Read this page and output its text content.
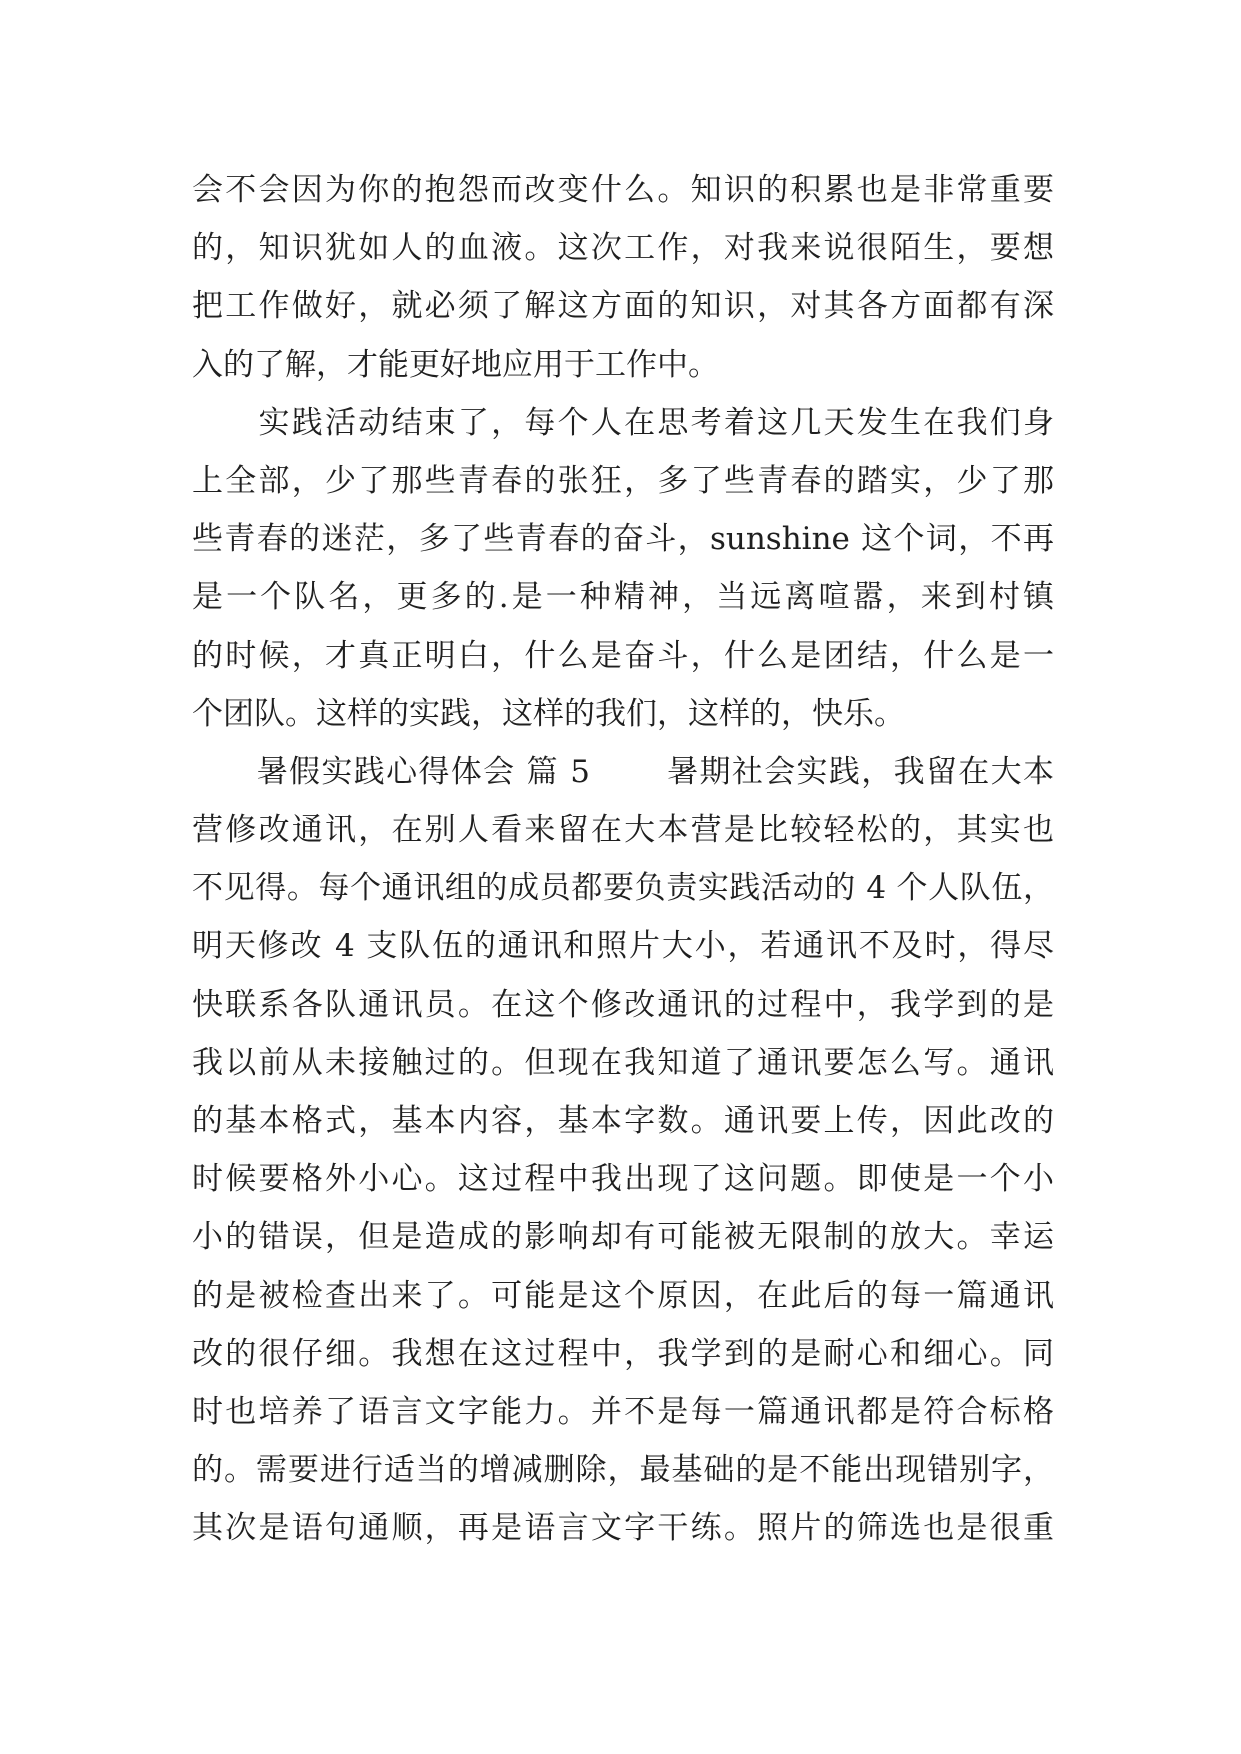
会不会因为你的抱怨而改变什么。知识的积累也是非常重要
的，知识犹如人的血液。这次工作，对我来说很陌生，要想
把工作做好，就必须了解这方面的知识，对其各方面都有深
入的了解，才能更好地应用于工作中。
　　实践活动结束了，每个人在思考着这几天发生在我们身
上全部，少了那些青春的张狂，多了些青春的踏实，少了那
些青春的迷茫，多了些青春的奋斗，sunshine 这个词，不再
是一个队名，更多的.是一种精神，当远离喧嚣，来到村镇
的时候，才真正明白，什么是奋斗，什么是团结，什么是一
个团队。这样的实践，这样的我们，这样的，快乐。
　　暑假实践心得体会 篇 5　　 暑期社会实践，我留在大本
营修改通讯，在别人看来留在大本营是比较轻松的，其实也
不见得。每个通讯组的成员都要负责实践活动的 4 个人队伍，
明天修改 4 支队伍的通讯和照片大小，若通讯不及时，得尽
快联系各队通讯员。在这个修改通讯的过程中，我学到的是
我以前从未接触过的。但现在我知道了通讯要怎么写。通讯
的基本格式，基本内容，基本字数。通讯要上传，因此改的
时候要格外小心。这过程中我出现了这问题。即使是一个小
小的错误，但是造成的影响却有可能被无限制的放大。幸运
的是被检查出来了。可能是这个原因，在此后的每一篇通讯
改的很仔细。我想在这过程中，我学到的是耐心和细心。同
时也培养了语言文字能力。并不是每一篇通讯都是符合标格
的。需要进行适当的增减删除，最基础的是不能出现错别字，
其次是语句通顺，再是语言文字干练。照片的筛选也是很重
